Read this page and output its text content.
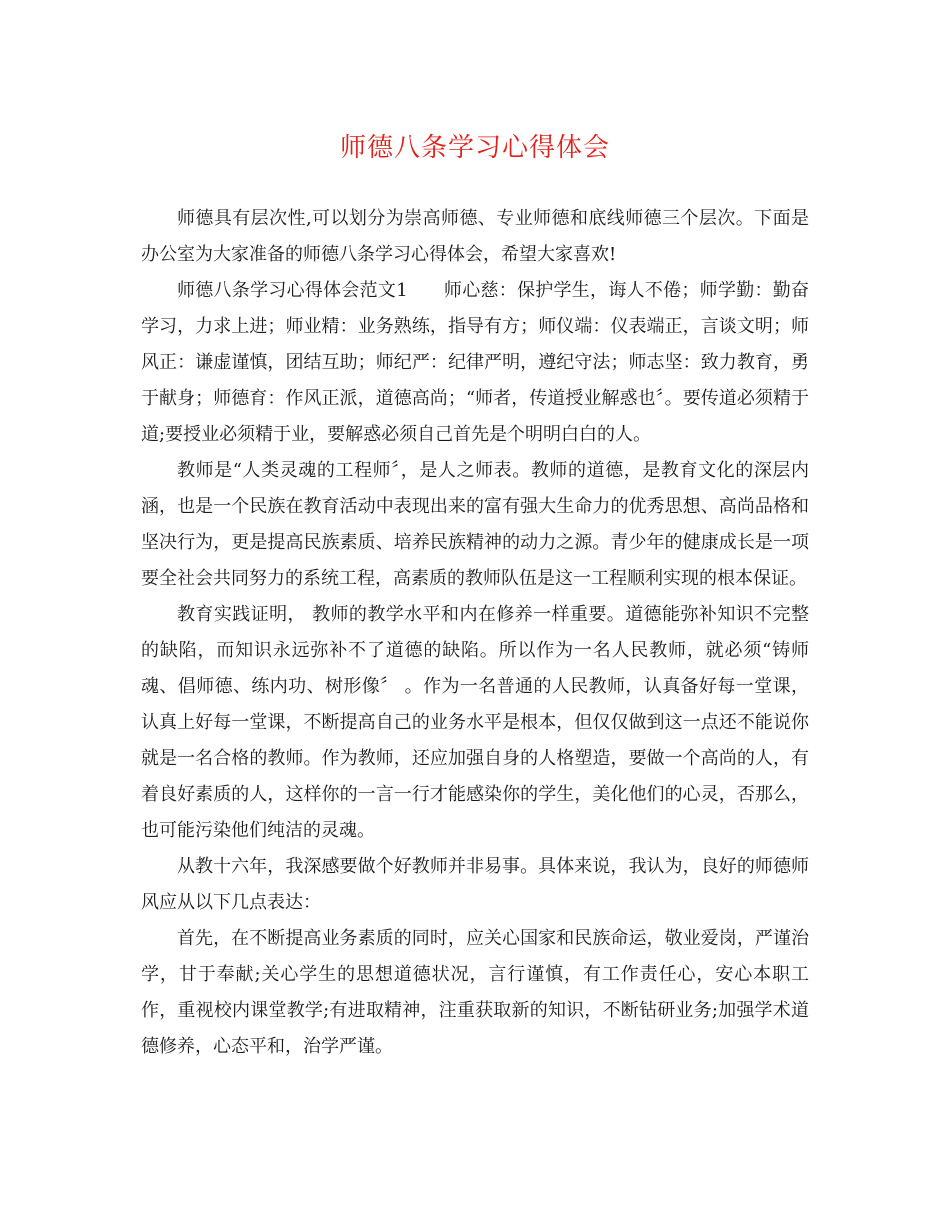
师德八条学习心得体会

师德具有层次性,可以划分为崇高师德、专业师德和底线师德三个层次。下面是办公室为大家准备的师德八条学习心得体会，希望大家喜欢!

师德八条学习心得体会范文1 师心慈：保护学生，诲人不倦；师学勤：勤奋学习，力求上进；师业精：业务熟练，指导有方；师仪端：仪表端正，言谈文明；师风正：谦虚谨慎，团结互助；师纪严：纪律严明，遵纪守法；师志坚：致力教育，勇于献身；师德育：作风正派，道德高尚；“师者，传道授业解惑也〞。要传道必须精于道;要授业必须精于业，要解惑必须自己首先是个明明白白的人。

教师是“人类灵魂的工程师〞，是人之师表。教师的道德，是教育文化的深层内涵，也是一个民族在教育活动中表现出来的富有强大生命力的优秀思想、高尚品格和坚决行为，更是提高民族素质、培养民族精神的动力之源。青少年的健康成长是一项要全社会共同努力的系统工程，高素质的教师队伍是这一工程顺利实现的根本保证。

教育实践证明， 教师的教学水平和内在修养一样重要。道德能弥补知识不完整的缺陷，而知识永远弥补不了道德的缺陷。所以作为一名人民教师，就必须“铸师魂、倡师德、练内功、树形像〞 。作为一名普通的人民教师，认真备好每一堂课，认真上好每一堂课，不断提高自己的业务水平是根本，但仅仅做到这一点还不能说你就是一名合格的教师。作为教师，还应加强自身的人格塑造，要做一个高尚的人，有着良好素质的人，这样你的一言一行才能感染你的学生，美化他们的心灵，否那么，也可能污染他们纯洁的灵魂。

从教十六年，我深感要做个好教师并非易事。具体来说，我认为，良好的师德师风应从以下几点表达：

首先，在不断提高业务素质的同时，应关心国家和民族命运，敬业爱岗，严谨治学，甘于奉献;关心学生的思想道德状况，言行谨慎，有工作责任心，安心本职工作，重视校内课堂教学;有进取精神，注重获取新的知识，不断钻研业务;加强学术道德修养，心态平和，治学严谨。
